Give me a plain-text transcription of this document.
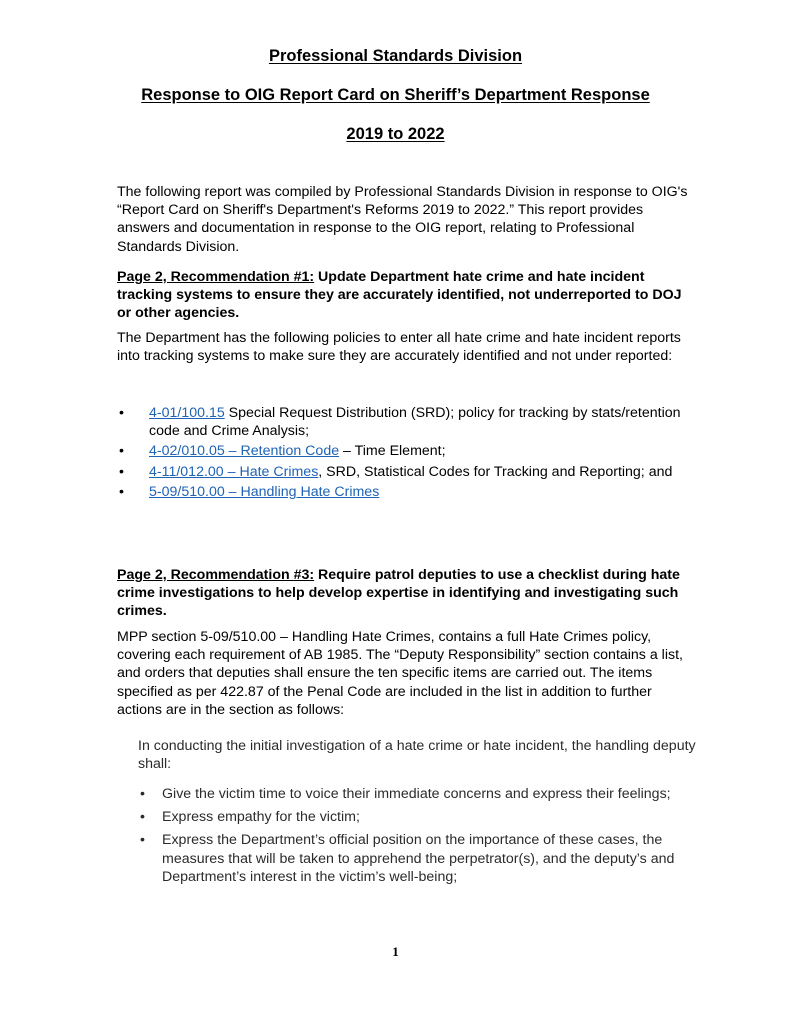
Professional Standards Division
Response to OIG Report Card on Sheriff’s Department Response
2019 to 2022

The following report was compiled by Professional Standards Division in response to OIG's “Report Card on Sheriff's Department's Reforms 2019 to 2022.” This report provides answers and documentation in response to the OIG report, relating to Professional Standards Division.

Page 2, Recommendation #1: Update Department hate crime and hate incident tracking systems to ensure they are accurately identified, not underreported to DOJ or other agencies.

The Department has the following policies to enter all hate crime and hate incident reports into tracking systems to make sure they are accurately identified and not under reported:

• 4-01/100.15 Special Request Distribution (SRD); policy for tracking by stats/retention code and Crime Analysis;
• 4-02/010.05 – Retention Code – Time Element;
• 4-11/012.00 – Hate Crimes, SRD, Statistical Codes for Tracking and Reporting; and
• 5-09/510.00 – Handling Hate Crimes

Page 2, Recommendation #3: Require patrol deputies to use a checklist during hate crime investigations to help develop expertise in identifying and investigating such crimes.

MPP section 5-09/510.00 – Handling Hate Crimes, contains a full Hate Crimes policy, covering each requirement of AB 1985. The “Deputy Responsibility” section contains a list, and orders that deputies shall ensure the ten specific items are carried out. The items specified as per 422.87 of the Penal Code are included in the list in addition to further actions are in the section as follows:

In conducting the initial investigation of a hate crime or hate incident, the handling deputy shall:

• Give the victim time to voice their immediate concerns and express their feelings;
• Express empathy for the victim;
• Express the Department’s official position on the importance of these cases, the measures that will be taken to apprehend the perpetrator(s), and the deputy’s and Department’s interest in the victim’s well-being;
1
